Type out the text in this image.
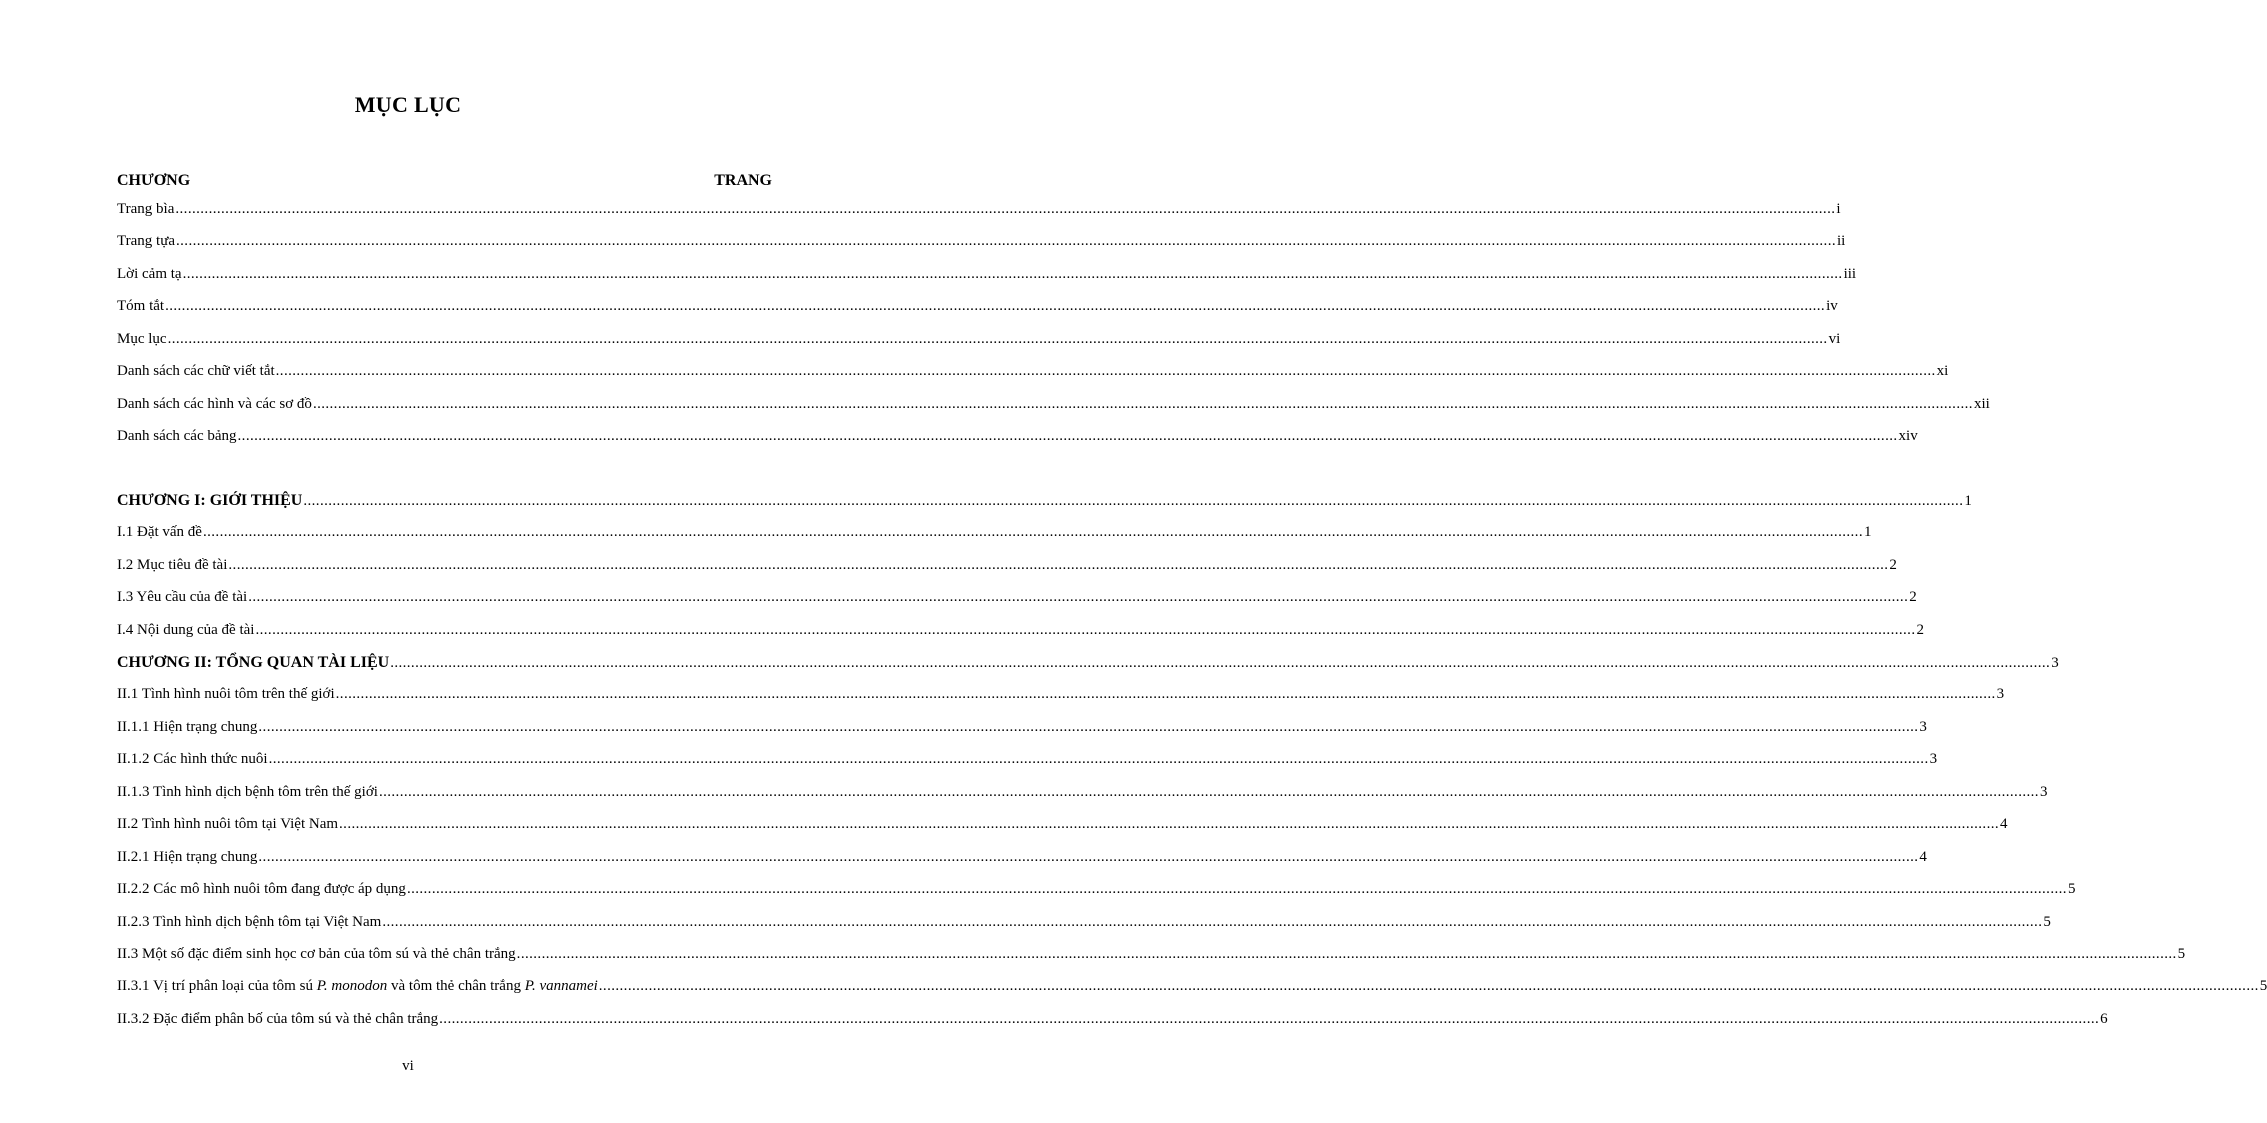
MỤC LỤC
CHƯƠNG	TRANG
Trang bìa ................................................................................................................................................................................................................................................................................................................................................................................................................ i
Trang tựa ................................................................................................................................................................................................................................................................................................................................................................................................................ ii
Lời cảm tạ ................................................................................................................................................................................................................................................................................................................................................................................................................ iii
Tóm tắt ................................................................................................................................................................................................................................................................................................................................................................................................................ iv
Mục lục ................................................................................................................................................................................................................................................................................................................................................................................................................ vi
Danh sách các chữ viết tắt ................................................................................................................................................................................................................................................................................................................................................................................................................ xi
Danh sách các hình và các sơ đồ ................................................................................................................................................................................................................................................................................................................................................................................................................ xii
Danh sách các bảng ................................................................................................................................................................................................................................................................................................................................................................................................................ xiv
CHƯƠNG I: GIỚI THIỆU ................................................................................................................................................................................................................................................................................................................................................................................................................ 1
I.1 Đặt vấn đề ................................................................................................................................................................................................................................................................................................................................................................................................................ 1
I.2 Mục tiêu đề tài ................................................................................................................................................................................................................................................................................................................................................................................................................ 2
I.3 Yêu cầu của đề tài ................................................................................................................................................................................................................................................................................................................................................................................................................ 2
I.4 Nội dung của đề tài ................................................................................................................................................................................................................................................................................................................................................................................................................ 2
CHƯƠNG II: TỔNG QUAN TÀI LIỆU ................................................................................................................................................................................................................................................................................................................................................................................................................ 3
II.1 Tình hình nuôi tôm trên thế giới ................................................................................................................................................................................................................................................................................................................................................................................................................ 3
II.1.1 Hiện trạng chung ................................................................................................................................................................................................................................................................................................................................................................................................................ 3
II.1.2 Các hình thức nuôi ................................................................................................................................................................................................................................................................................................................................................................................................................ 3
II.1.3 Tình hình dịch bệnh tôm trên thế giới ................................................................................................................................................................................................................................................................................................................................................................................................................ 3
II.2 Tình hình nuôi tôm tại Việt Nam ................................................................................................................................................................................................................................................................................................................................................................................................................ 4
II.2.1 Hiện trạng chung ................................................................................................................................................................................................................................................................................................................................................................................................................ 4
II.2.2 Các mô hình nuôi tôm đang được áp dụng ................................................................................................................................................................................................................................................................................................................................................................................................................ 5
II.2.3 Tình hình dịch bệnh tôm tại Việt Nam ................................................................................................................................................................................................................................................................................................................................................................................................................ 5
II.3 Một số đặc điểm sinh học cơ bản của tôm sú và thẻ chân trắng ................................................................................................................................................................................................................................................................................................................................................................................................................ 5
II.3.1 Vị trí phân loại của tôm sú P. monodon và tôm thẻ chân trắng P. vannamei ................................................................................................................................................................................................................................................................................................................................................................................................................ 5
II.3.2 Đặc điểm phân bố của tôm sú và thẻ chân trắng ................................................................................................................................................................................................................................................................................................................................................................................................................ 6
vi
